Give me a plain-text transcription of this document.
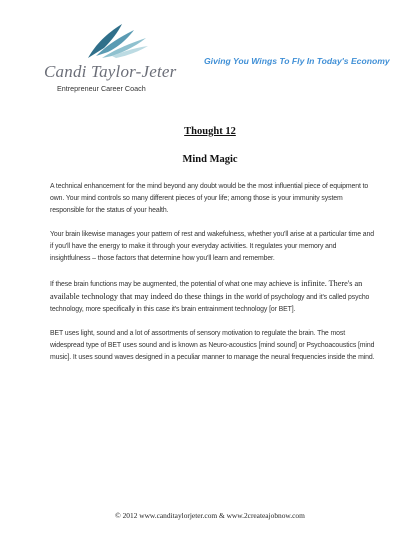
Candi Taylor-Jeter
Entrepreneur Career Coach
Giving You Wings To Fly In Today's Economy
Thought 12
Mind Magic

A technical enhancement for the mind beyond any doubt would be the most influential piece of equipment to own. Your mind controls so many different pieces of your life; among those is your immunity system responsible for the status of your health.

Your brain likewise manages your pattern of rest and wakefulness, whether you'll arise at a particular time and if you'll have the energy to make it through your everyday activities. It regulates your memory and insightfulness – those factors that determine how you'll learn and remember.

If these brain functions may be augmented, the potential of what one may achieve is infinite. There's an available technology that may indeed do these things in the world of psychology and it's called psycho technology, more specifically in this case it's brain entrainment technology [or BET].

BET uses light, sound and a lot of assortments of sensory motivation to regulate the brain. The most widespread type of BET uses sound and is known as Neuro-acoustics [mind sound] or Psychoacoustics [mind music]. It uses sound waves designed in a peculiar manner to manage the neural frequencies inside the mind.

© 2012 www.canditaylorjeter.com & www.2createajobnow.com
